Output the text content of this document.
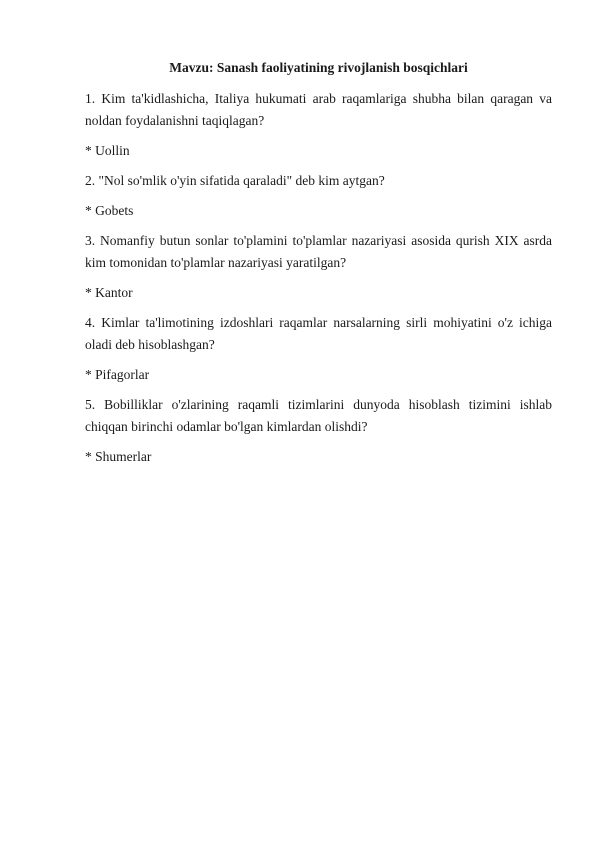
Mavzu: Sanash faoliyatining rivojlanish bosqichlari

1. Kim ta'kidlashicha, Italiya hukumati arab raqamlariga shubha bilan qaragan va noldan foydalanishni taqiqlagan?

* Uollin

2. "Nol so'mlik o'yin sifatida qaraladi" deb kim aytgan?

* Gobets

3. Nomanfiy butun sonlar to'plamini to'plamlar nazariyasi asosida qurish XIX asrda kim tomonidan to'plamlar nazariyasi yaratilgan?

* Kantor

4. Kimlar ta'limotining izdoshlari raqamlar narsalarning sirli mohiyatini o'z ichiga oladi deb hisoblashgan?

* Pifagorlar

5. Bobilliklar o'zlarining raqamli tizimlarini dunyoda hisoblash tizimini ishlab chiqqan birinchi odamlar bo'lgan kimlardan olishdi?

* Shumerlar
